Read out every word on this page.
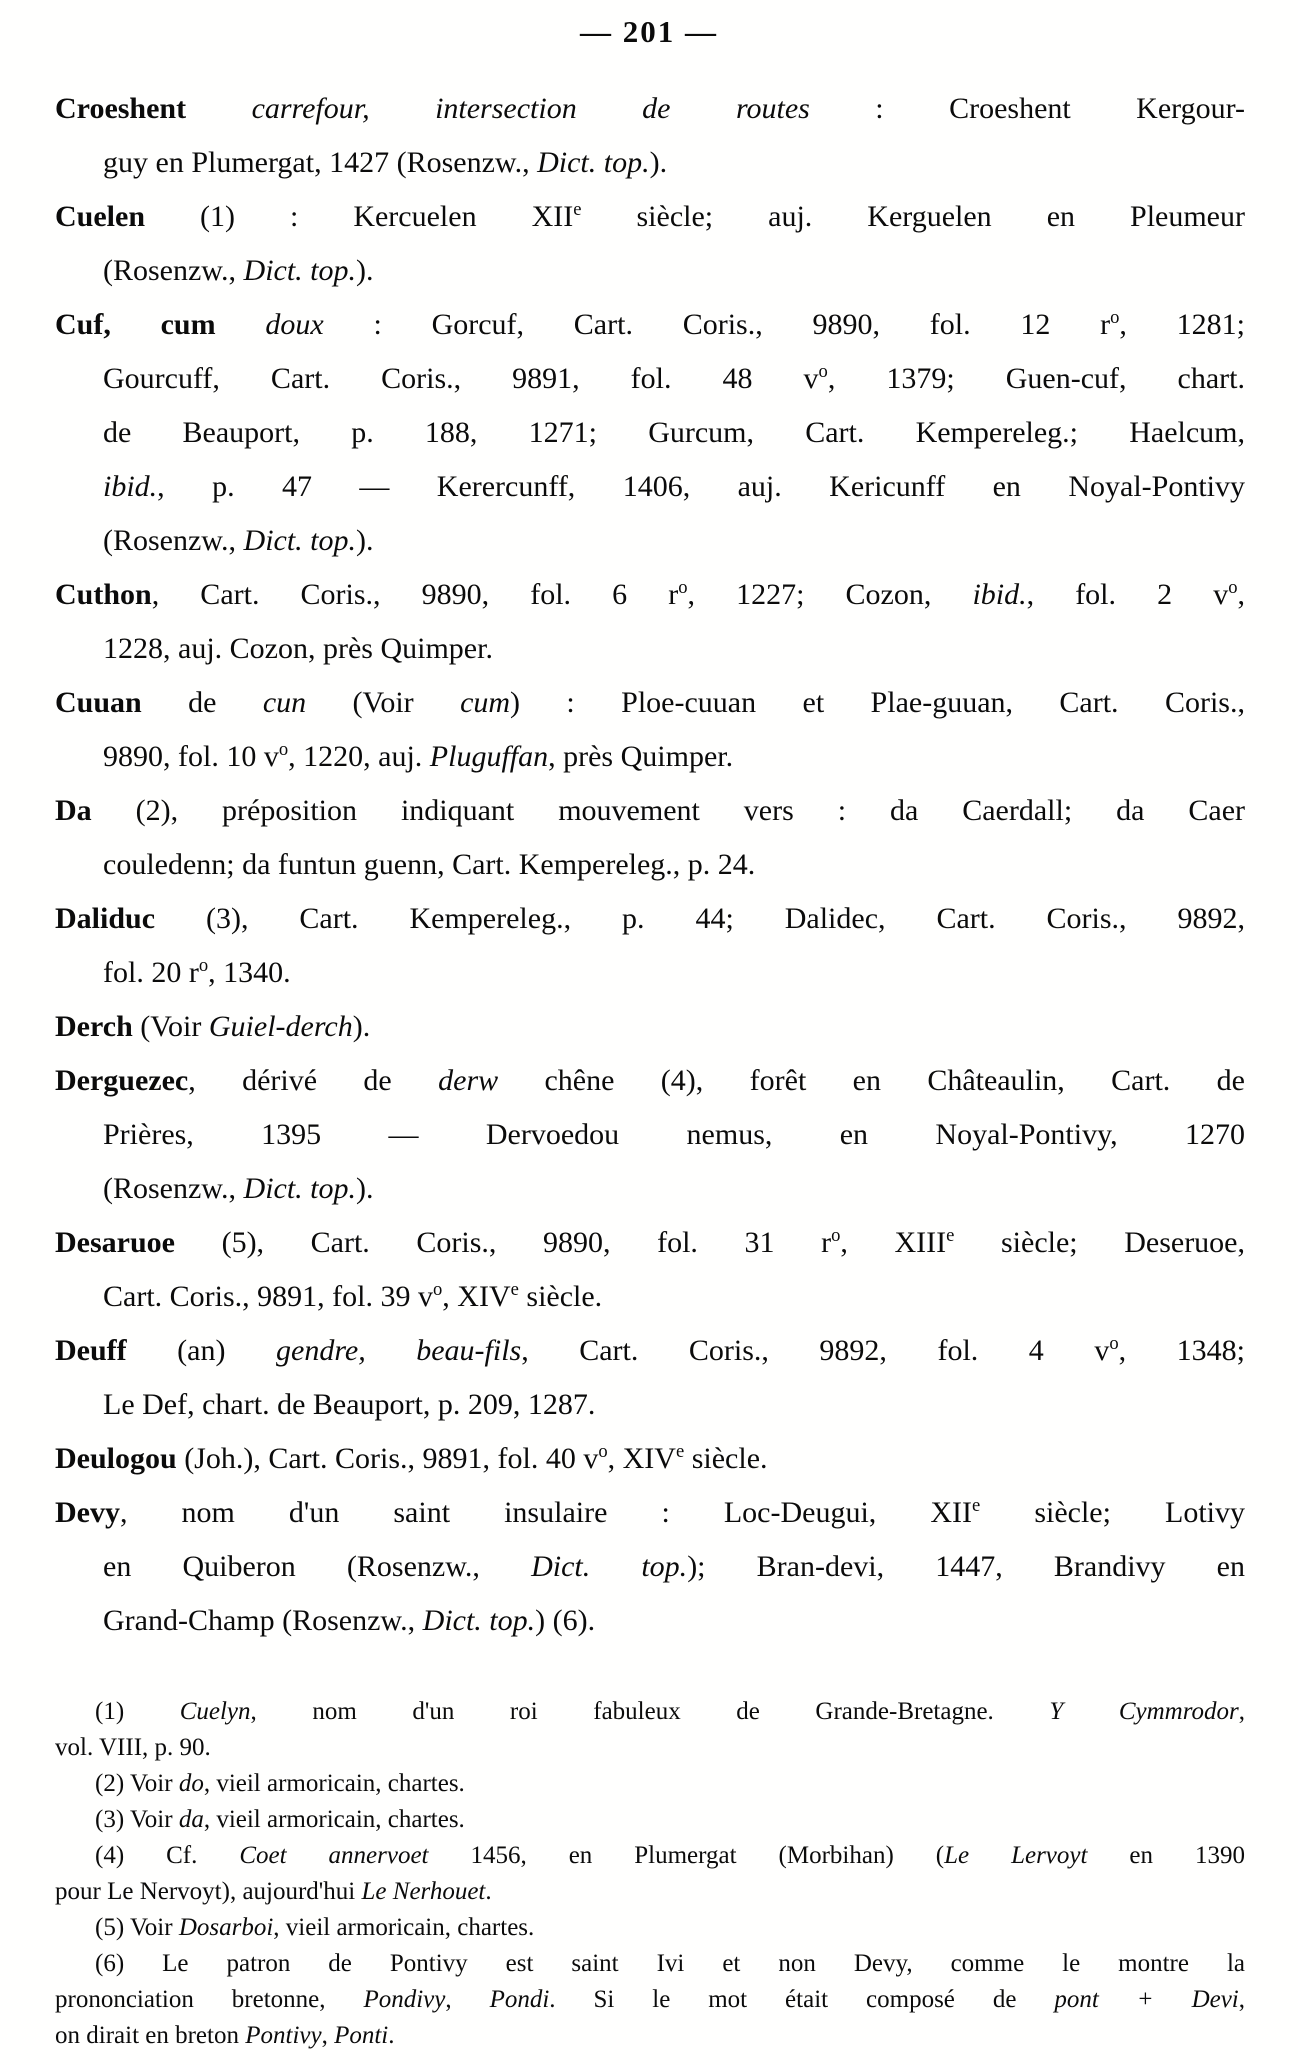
— 201 —
Croeshent carrefour, intersection de routes : Croeshent Kergour-
guy en Plumergat, 1427 (Rosenzw., Dict. top.).
Cuelen (1) : Kercuelen XIIe siècle; auj. Kerguelen en Pleumeur
(Rosenzw., Dict. top.).
Cuf, cum doux : Gorcuf, Cart. Coris., 9890, fol. 12 $r^o$, 1281;
Gourcuff, Cart. Coris., 9891, fol. 48 $v^o$, 1379; Guen-cuf, chart.
de Beauport, p. 188, 1271; Gurcum, Cart. Kempereleg.; Haelcum,
ibid., p. 47 — Kerercunff, 1406, auj. Kericunff en Noyal-Pontivy
(Rosenzw., Dict. top.).
Cuthon, Cart. Coris., 9890, fol. 6 $r^o$, 1227; Cozon, ibid., fol. 2 $v^o$,
1228, auj. Cozon, près Quimper.
Cuuan de cun (Voir cum) : Ploe-cuuan et Plae-guuan, Cart. Coris.,
9890, fol. 10 $v^o$, 1220, auj. Pluguffan, près Quimper.
Da (2), préposition indiquant mouvement vers : da Caerdall; da Caer
couledenn; da funtun guenn, Cart. Kempereleg., p. 24.
Daliduc (3), Cart. Kempereleg., p. 44; Dalidec, Cart. Coris., 9892,
fol. 20 $r^o$, 1340.
Derch (Voir Guiel-derch).
Derguezec, dérivé de derw chêne (4), forêt en Châteaulin, Cart. de
Prières, 1395 — Dervoedou nemus, en Noyal-Pontivy, 1270
(Rosenzw., Dict. top.).
Desaruoe (5), Cart. Coris., 9890, fol. 31 $r^o$, XIIIe siècle; Deseruoe,
Cart. Coris., 9891, fol. 39 $v^o$, XIVe siècle.
Deuff (an) gendre, beau-fils, Cart. Coris., 9892, fol. 4 $v^o$, 1348;
Le Def, chart. de Beauport, p. 209, 1287.
Deulogou (Joh.), Cart. Coris., 9891, fol. 40 $v^o$, XIVe siècle.
Devy, nom d'un saint insulaire : Loc-Deugui, XIIe siècle; Lotivy
en Quiberon (Rosenzw., Dict. top.); Bran-devi, 1447, Brandivy en
Grand-Champ (Rosenzw., Dict. top.) (6).
(1) Cuelyn, nom d'un roi fabuleux de Grande-Bretagne. Y Cymmrodor,
vol. VIII, p. 90.
(2) Voir do, vieil armoricain, chartes.
(3) Voir da, vieil armoricain, chartes.
(4) Cf. Coet annervoet 1456, en Plumergat (Morbihan) (Le Lervoyt en 1390
pour Le Nervoyt), aujourd'hui Le Nerhouet.
(5) Voir Dosarboi, vieil armoricain, chartes.
(6) Le patron de Pontivy est saint Ivi et non Devy, comme le montre la
prononciation bretonne, Pondivy, Pondi. Si le mot était composé de pont + Devi,
on dirait en breton Pontivy, Ponti.
